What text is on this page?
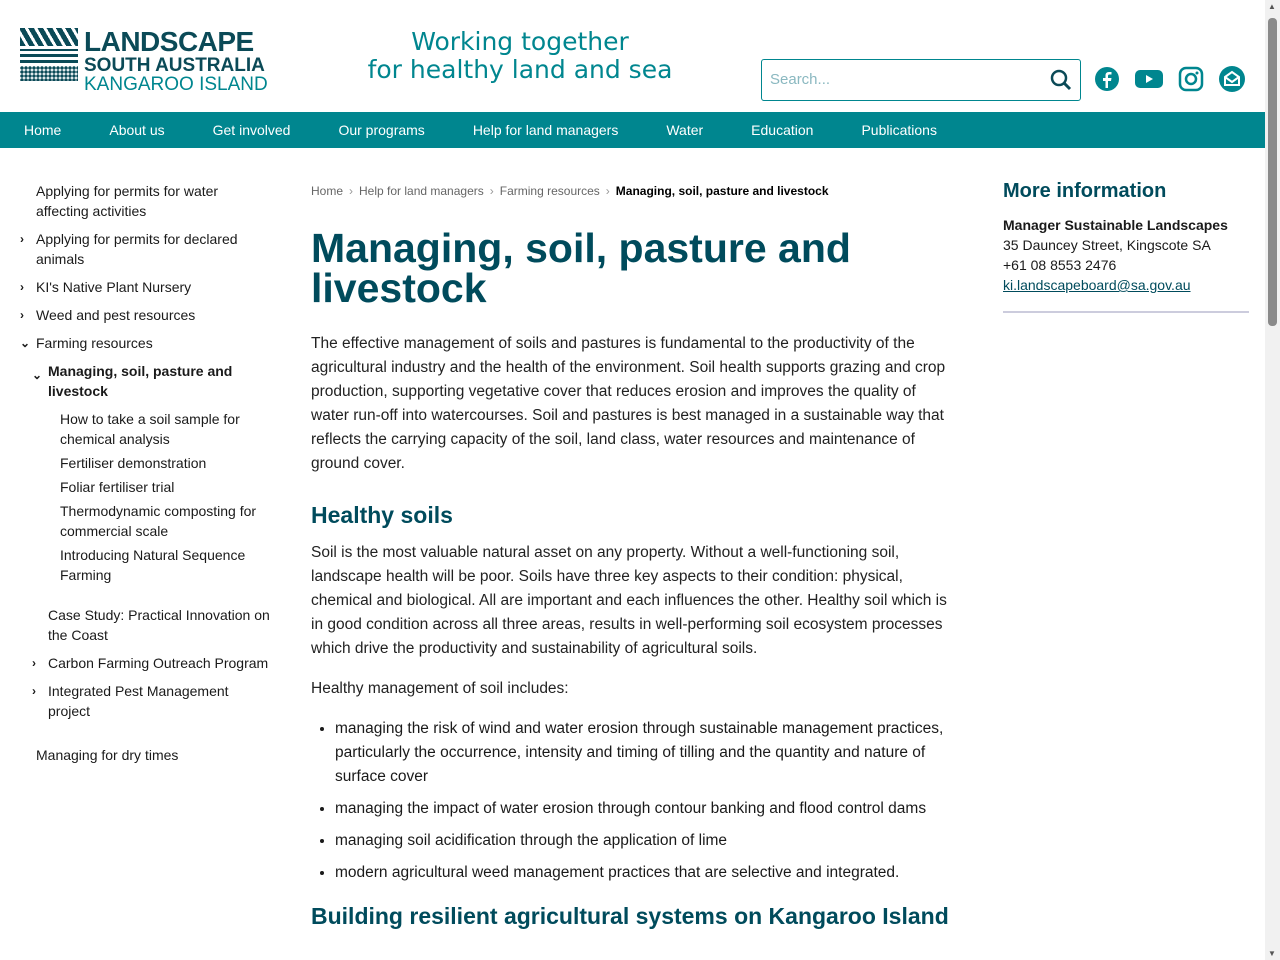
LANDSCAPE
SOUTH AUSTRALIA
KANGAROO ISLAND
Working together
for healthy land and sea
Search...
Home	About us	Get involved	Our programs	Help for land managers	Water	Education	Publications
Applying for permits for water affecting activities
› Applying for permits for declared animals
› KI's Native Plant Nursery
› Weed and pest resources
⌄ Farming resources
⌄ Managing, soil, pasture and livestock
How to take a soil sample for chemical analysis
Fertiliser demonstration
Foliar fertiliser trial
Thermodynamic composting for commercial scale
Introducing Natural Sequence Farming
Case Study: Practical Innovation on the Coast
› Carbon Farming Outreach Program
› Integrated Pest Management project
Managing for dry times
Home › Help for land managers › Farming resources › Managing, soil, pasture and livestock
Managing, soil, pasture and livestock

The effective management of soils and pastures is fundamental to the productivity of the agricultural industry and the health of the environment. Soil health supports grazing and crop production, supporting vegetative cover that reduces erosion and improves the quality of water run-off into watercourses. Soil and pastures is best managed in a sustainable way that reflects the carrying capacity of the soil, land class, water resources and maintenance of ground cover.

Healthy soils

Soil is the most valuable natural asset on any property. Without a well-functioning soil, landscape health will be poor. Soils have three key aspects to their condition: physical, chemical and biological. All are important and each influences the other. Healthy soil which is in good condition across all three areas, results in well-performing soil ecosystem processes which drive the productivity and sustainability of agricultural soils.

Healthy management of soil includes:

• managing the risk of wind and water erosion through sustainable management practices, particularly the occurrence, intensity and timing of tilling and the quantity and nature of surface cover
• managing the impact of water erosion through contour banking and flood control dams
• managing soil acidification through the application of lime
• modern agricultural weed management practices that are selective and integrated.
Building resilient agricultural systems on Kangaroo Island
More information
Manager Sustainable Landscapes
35 Dauncey Street, Kingscote SA
+61 08 8553 2476
ki.landscapeboard@sa.gov.au
▲
▼
